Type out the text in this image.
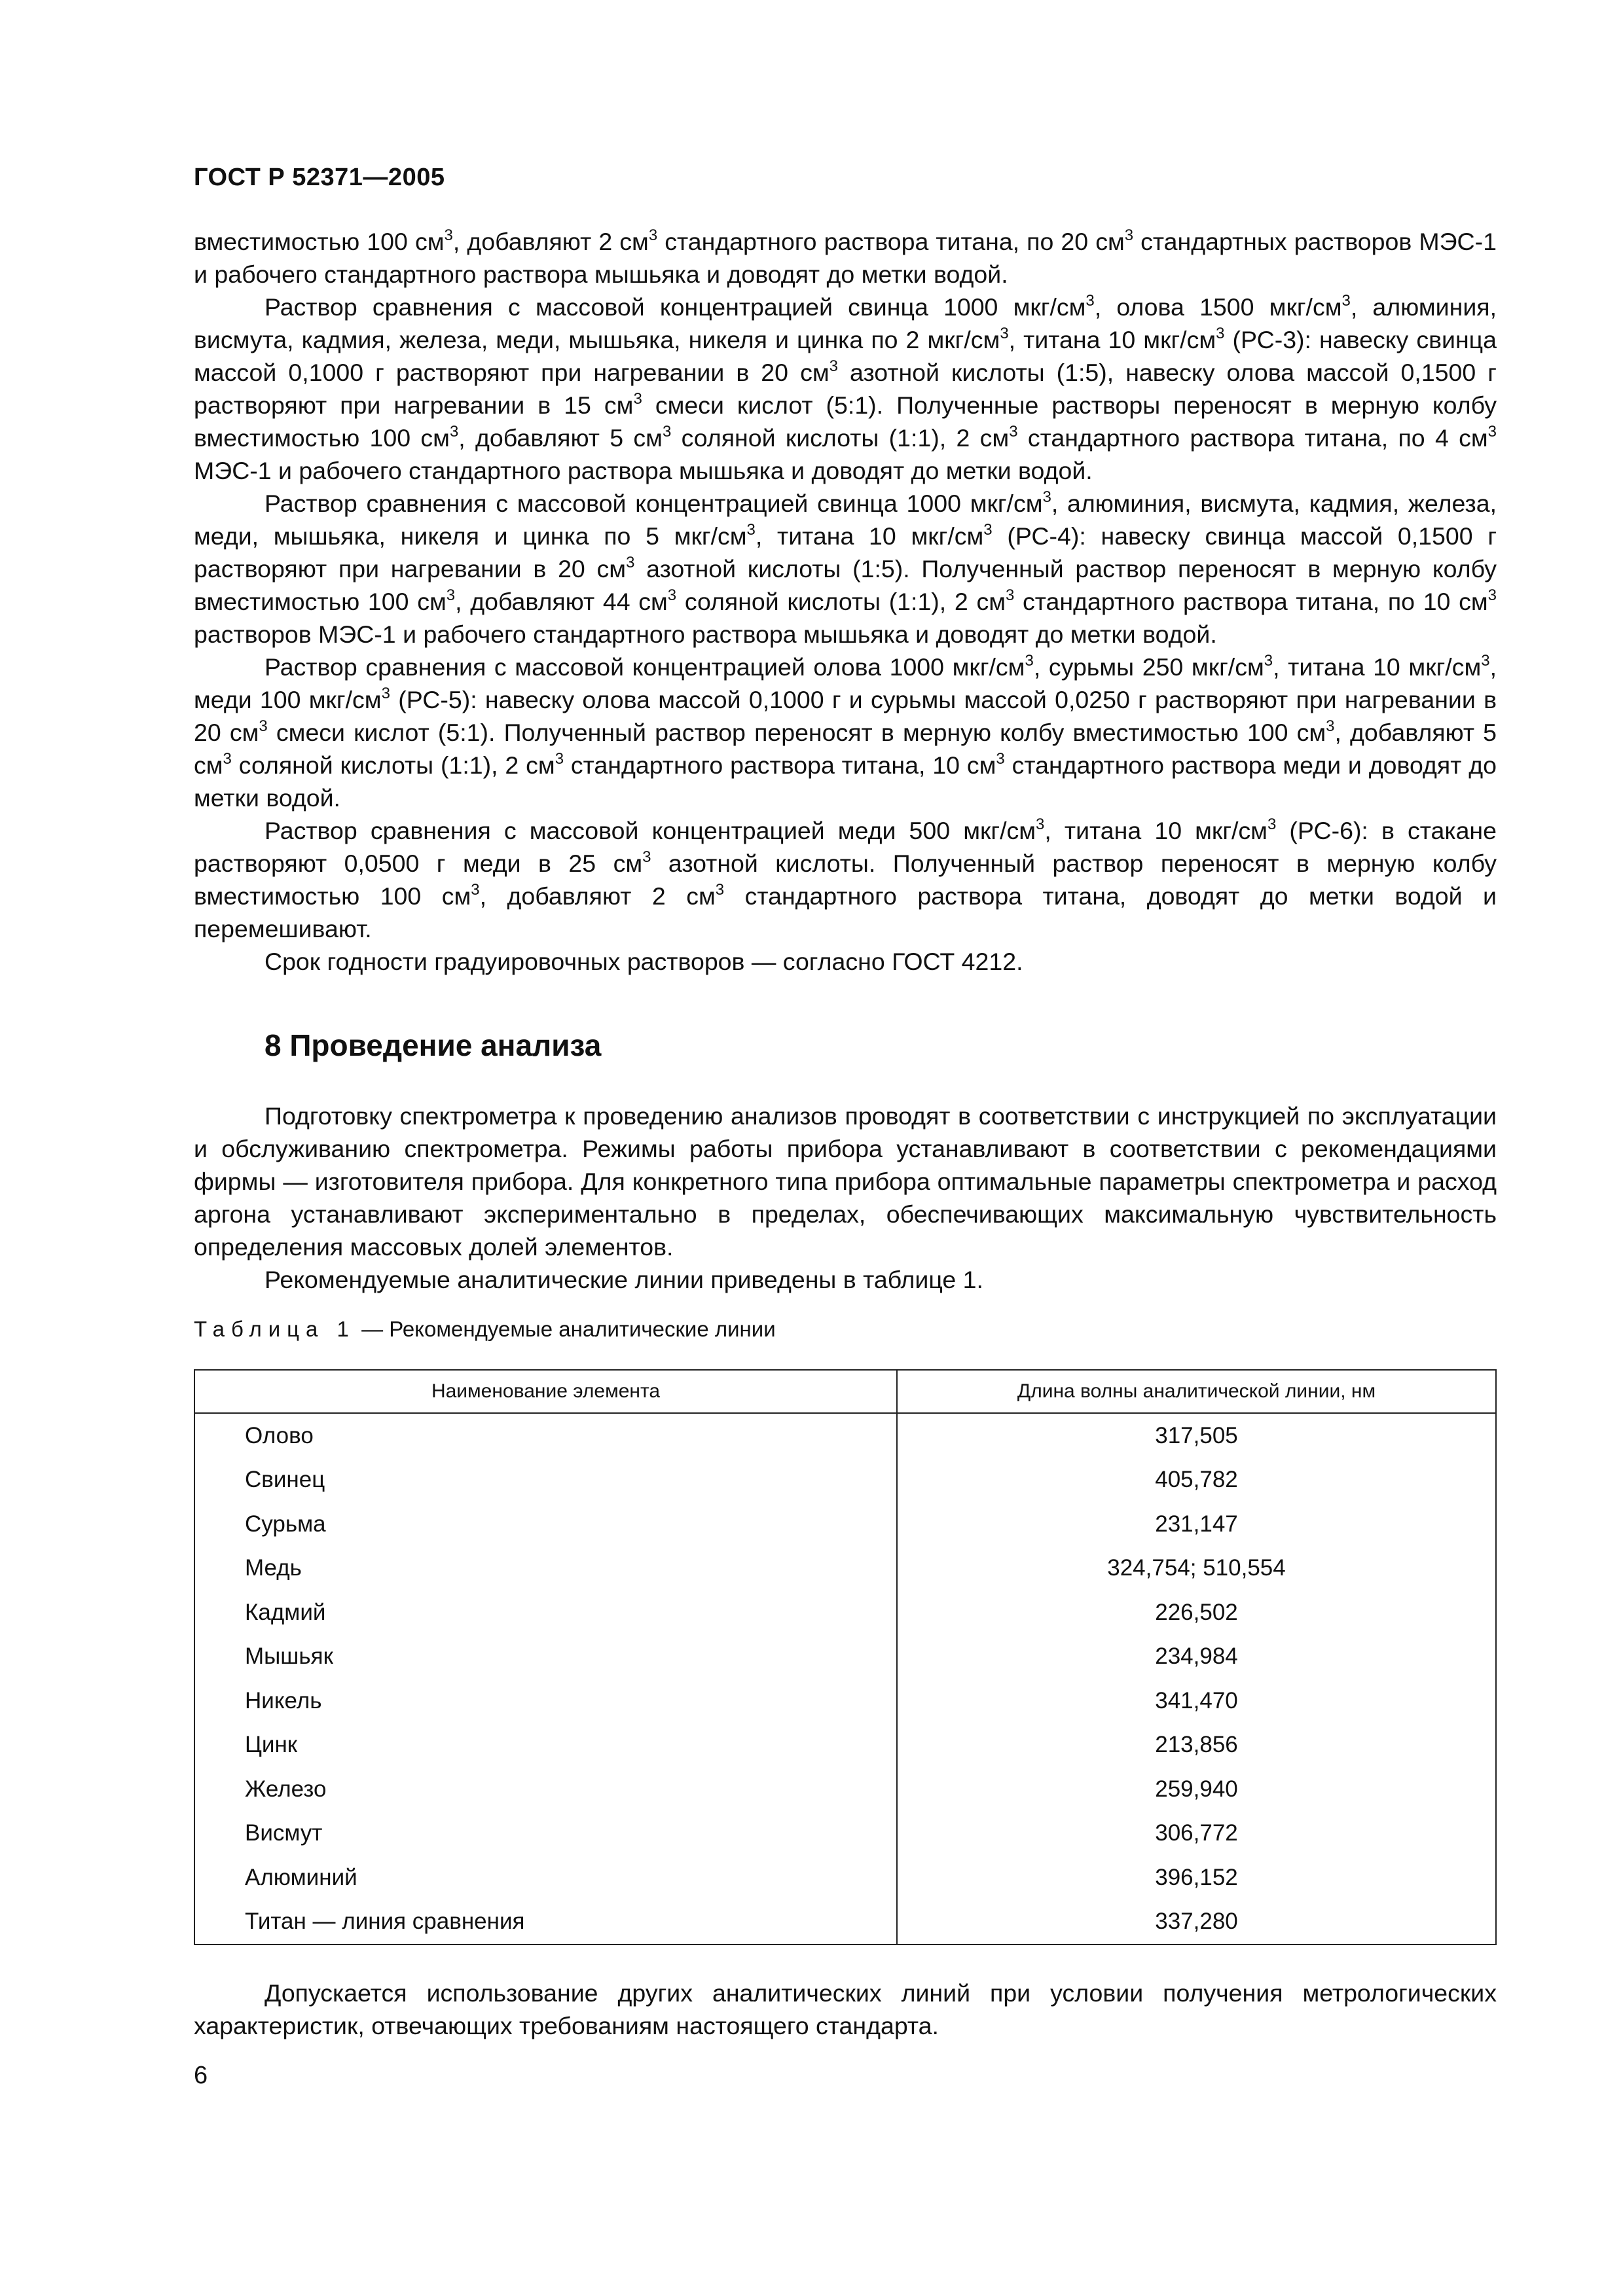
ГОСТ Р 52371—2005

вместимостью 100 $см^3$, добавляют 2 $см^3$ стандартного раствора титана, по 20 $см^3$ стандартных растворов МЭС-1 и рабочего стандартного раствора мышьяка и доводят до метки водой.

Раствор сравнения с массовой концентрацией свинца 1000 мкг/$см^3$, олова 1500 мкг/$см^3$, алюминия, висмута, кадмия, железа, меди, мышьяка, никеля и цинка по 2 мкг/$см^3$, титана 10 мкг/$см^3$ (РС-3): навеску свинца массой 0,1000 г растворяют при нагревании в 20 $см^3$ азотной кислоты (1:5), навеску олова массой 0,1500 г растворяют при нагревании в 15 $см^3$ смеси кислот (5:1). Полученные растворы переносят в мерную колбу вместимостью 100 $см^3$, добавляют 5 $см^3$ соляной кислоты (1:1), 2 $см^3$ стандартного раствора титана, по 4 $см^3$ МЭС-1 и рабочего стандартного раствора мышьяка и доводят до метки водой.

Раствор сравнения с массовой концентрацией свинца 1000 мкг/$см^3$, алюминия, висмута, кадмия, железа, меди, мышьяка, никеля и цинка по 5 мкг/$см^3$, титана 10 мкг/$см^3$ (РС-4): навеску свинца массой 0,1500 г растворяют при нагревании в 20 $см^3$ азотной кислоты (1:5). Полученный раствор переносят в мерную колбу вместимостью 100 $см^3$, добавляют 44 $см^3$ соляной кислоты (1:1), 2 $см^3$ стандартного раствора титана, по 10 $см^3$ растворов МЭС-1 и рабочего стандартного раствора мышьяка и доводят до метки водой.

Раствор сравнения с массовой концентрацией олова 1000 мкг/$см^3$, сурьмы 250 мкг/$см^3$, титана 10 мкг/$см^3$, меди 100 мкг/$см^3$ (РС-5): навеску олова массой 0,1000 г и сурьмы массой 0,0250 г растворяют при нагревании в 20 $см^3$ смеси кислот (5:1). Полученный раствор переносят в мерную колбу вместимостью 100 $см^3$, добавляют 5 $см^3$ соляной кислоты (1:1), 2 $см^3$ стандартного раствора титана, 10 $см^3$ стандартного раствора меди и доводят до метки водой.

Раствор сравнения с массовой концентрацией меди 500 мкг/$см^3$, титана 10 мкг/$см^3$ (РС-6): в стакане растворяют 0,0500 г меди в 25 $см^3$ азотной кислоты. Полученный раствор переносят в мерную колбу вместимостью 100 $см^3$, добавляют 2 $см^3$ стандартного раствора титана, доводят до метки водой и перемешивают.

Срок годности градуировочных растворов — согласно ГОСТ 4212.

8 Проведение анализа

Подготовку спектрометра к проведению анализов проводят в соответствии с инструкцией по эксплуатации и обслуживанию спектрометра. Режимы работы прибора устанавливают в соответствии с рекомендациями фирмы — изготовителя прибора. Для конкретного типа прибора оптимальные параметры спектрометра и расход аргона устанавливают экспериментально в пределах, обеспечивающих максимальную чувствительность определения массовых долей элементов.

Рекомендуемые аналитические линии приведены в таблице 1.

Таблица 1 — Рекомендуемые аналитические линии
Наименование элемента	Длина волны аналитической линии, нм
Олово	317,505
Свинец	405,782
Сурьма	231,147
Медь	324,754; 510,554
Кадмий	226,502
Мышьяк	234,984
Никель	341,470
Цинк	213,856
Железо	259,940
Висмут	306,772
Алюминий	396,152
Титан — линия сравнения	337,280

Допускается использование других аналитических линий при условии получения метрологических характеристик, отвечающих требованиям настоящего стандарта.

6
